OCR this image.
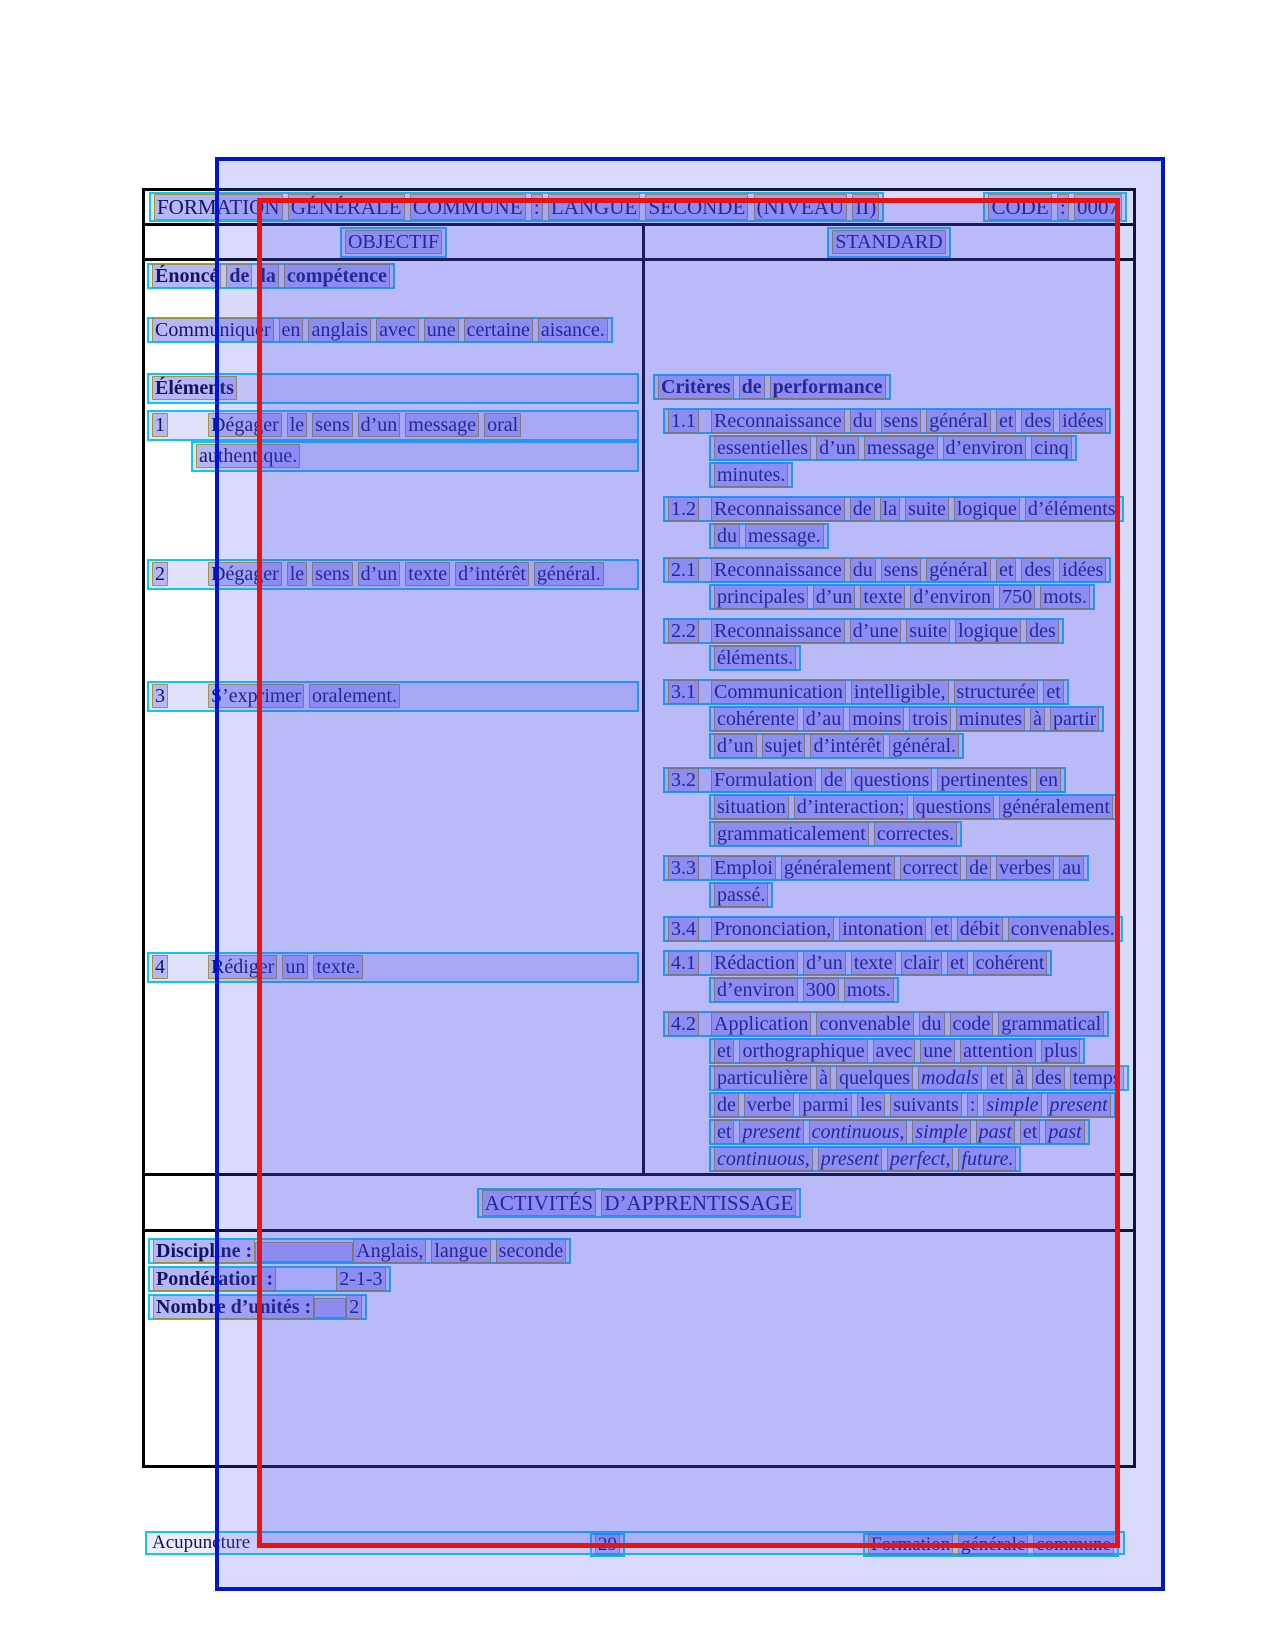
FORMATION GÉNÉRALE COMMUNE : LANGUE SECONDE (NIVEAU II)	CODE : 0007
OBJECTIF	STANDARD
Énoncé de la compétence
Communiquer en anglais avec une certaine aisance.
Éléments
1 Dégager le sens d’un message oral
authentique.
2 Dégager le sens d’un texte d’intérêt général.
3 S’exprimer oralement.
4 Rédiger un texte.
Critères de performance
1.1 Reconnaissance du sens général et des idées essentielles d’un message d’environ cinq minutes.
1.2 Reconnaissance de la suite logique d’éléments du message.
2.1 Reconnaissance du sens général et des idées principales d’un texte d’environ 750 mots.
2.2 Reconnaissance d’une suite logique des éléments.
3.1 Communication intelligible, structurée et cohérente d’au moins trois minutes à partir d’un sujet d’intérêt général.
3.2 Formulation de questions pertinentes en situation d’interaction; questions généralement grammaticalement correctes.
3.3 Emploi généralement correct de verbes au passé.
3.4 Prononciation, intonation et débit convenables.
4.1 Rédaction d’un texte clair et cohérent d’environ 300 mots.
4.2 Application convenable du code grammatical et orthographique avec une attention plus particulière à quelques modals et à des temps de verbe parmi les suivants : simple present et present continuous, simple past et past continuous, present perfect, future.
ACTIVITÉS D’APPRENTISSAGE
Discipline :	Anglais, langue seconde
Pondération :	2-1-3
Nombre d’unités : 2
Acupuncture	29	Formation générale commune
